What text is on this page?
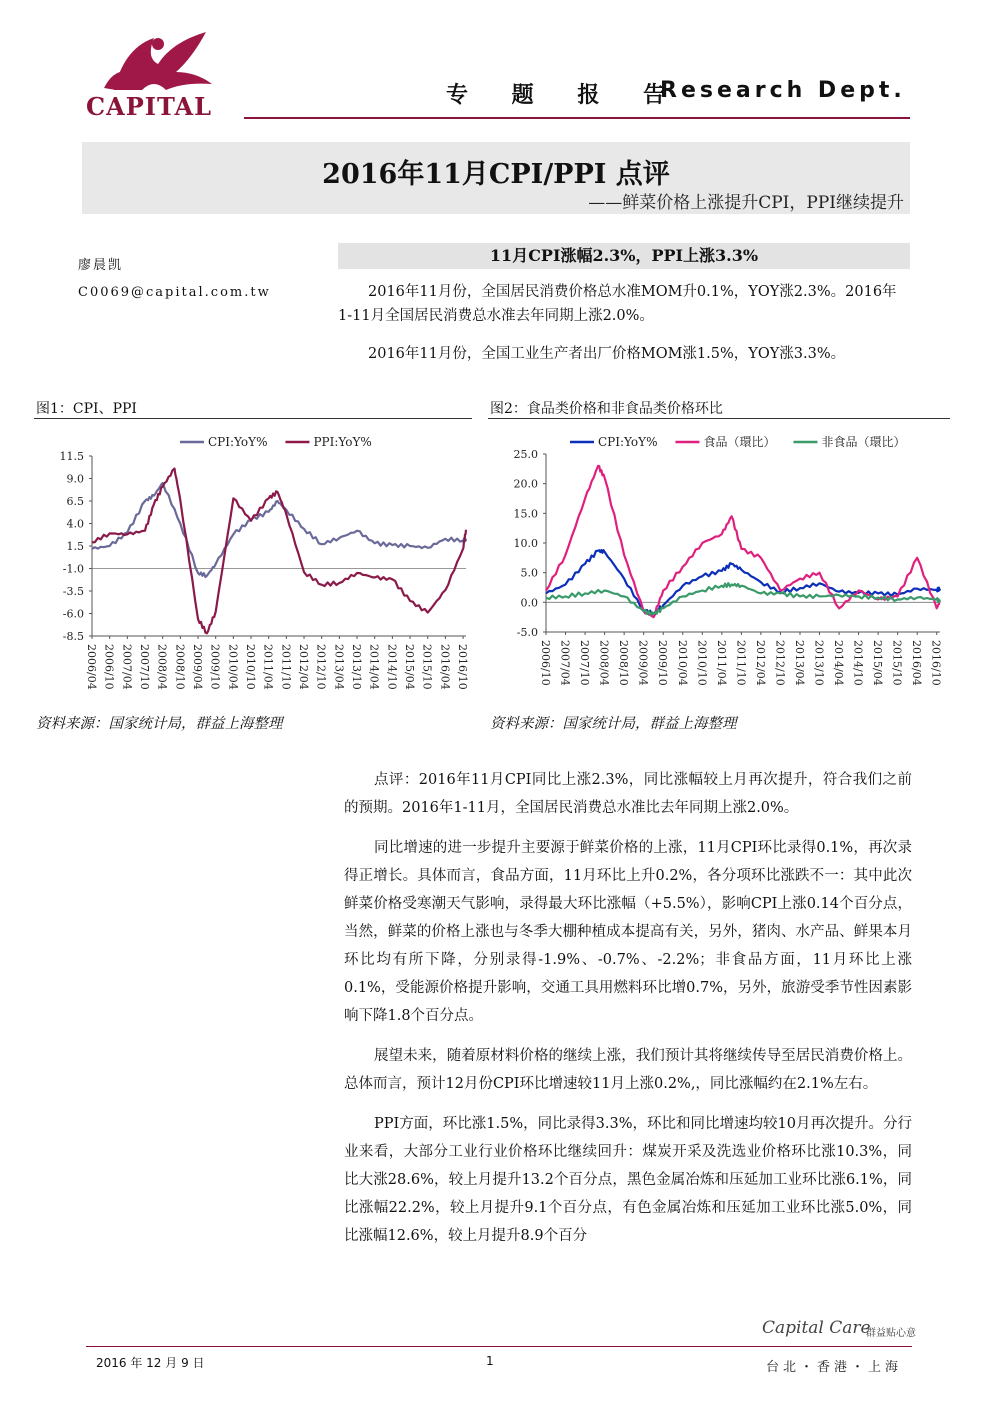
CAPITAL	专 题 报 告
Research Dept.
2016年11月CPI/PPI 点评
——鲜菜价格上涨提升CPI，PPI继续提升
廖晨凯
C0069@capital.com.tw
11月CPI涨幅2.3%，PPI上涨3.3%
2016年11月份，全国居民消费价格总水准MOM升0.1%，YOY涨2.3%。2016年1-11月全国居民消费总水准去年同期上涨2.0%。
2016年11月份，全国工业生产者出厂价格MOM涨1.5%，YOY涨3.3%。
图1：CPI、PPI	图2：食品类价格和非食品类价格环比
11.5
9.0
6.5
4.0
1.5
-1.0
-3.5
-6.0
-8.5
2006/04 2006/10 2007/04 2007/10 2008/04 2008/10 2009/04 2009/10 2010/04 2010/10 2011/04 2011/10 2012/04 2012/10 2013/04 2013/10 2014/04 2014/10 2015/04 2015/10 2016/04 2016/10
CPI:YoY%	PPI:YoY%
25.0
20.0
15.0
10.0
5.0
0.0
-5.0
2006/10 2007/04 2007/10 2008/04 2008/10 2009/04 2009/10 2010/04 2010/10 2011/04 2011/10 2012/04 2012/10 2013/04 2013/10 2014/04 2014/10 2015/04 2015/10 2016/04 2016/10
CPI:YoY%	食品（環比）	非食品（環比）
资料来源：国家统计局，群益上海整理	资料来源：国家统计局，群益上海整理

点评：2016年11月CPI同比上涨2.3%，同比涨幅较上月再次提升，符合我们之前的预期。2016年1-11月，全国居民消费总水准比去年同期上涨2.0%。

同比增速的进一步提升主要源于鲜菜价格的上涨，11月CPI环比录得0.1%，再次录得正增长。具体而言，食品方面，11月环比上升0.2%，各分项环比涨跌不一：其中此次鲜菜价格受寒潮天气影响，录得最大环比涨幅（+5.5%），影响CPI上涨0.14个百分点，当然，鲜菜的价格上涨也与冬季大棚种植成本提高有关，另外，猪肉、水产品、鲜果本月环比均有所下降，分别录得-1.9%、-0.7%、-2.2%；非食品方面，11月环比上涨0.1%，受能源价格提升影响，交通工具用燃料环比增0.7%，另外，旅游受季节性因素影响下降1.8个百分点。

展望未来，随着原材料价格的继续上涨，我们预计其将继续传导至居民消费价格上。总体而言，预计12月份CPI环比增速较11月上涨0.2%,，同比涨幅约在2.1%左右。

PPI方面，环比涨1.5%，同比录得3.3%，环比和同比增速均较10月再次提升。分行业来看，大部分工业行业价格环比继续回升：煤炭开采及洗选业价格环比涨10.3%，同比大涨28.6%，较上月提升13.2个百分点，黑色金属冶炼和压延加工业环比涨6.1%，同比涨幅22.2%，较上月提升9.1个百分点，有色金属冶炼和压延加工业环比涨5.0%，同比涨幅12.6%，较上月提升8.9个百分

Capital Care
群益贴心意
2016 年 12 月 9 日	1	台北・香港・上海
